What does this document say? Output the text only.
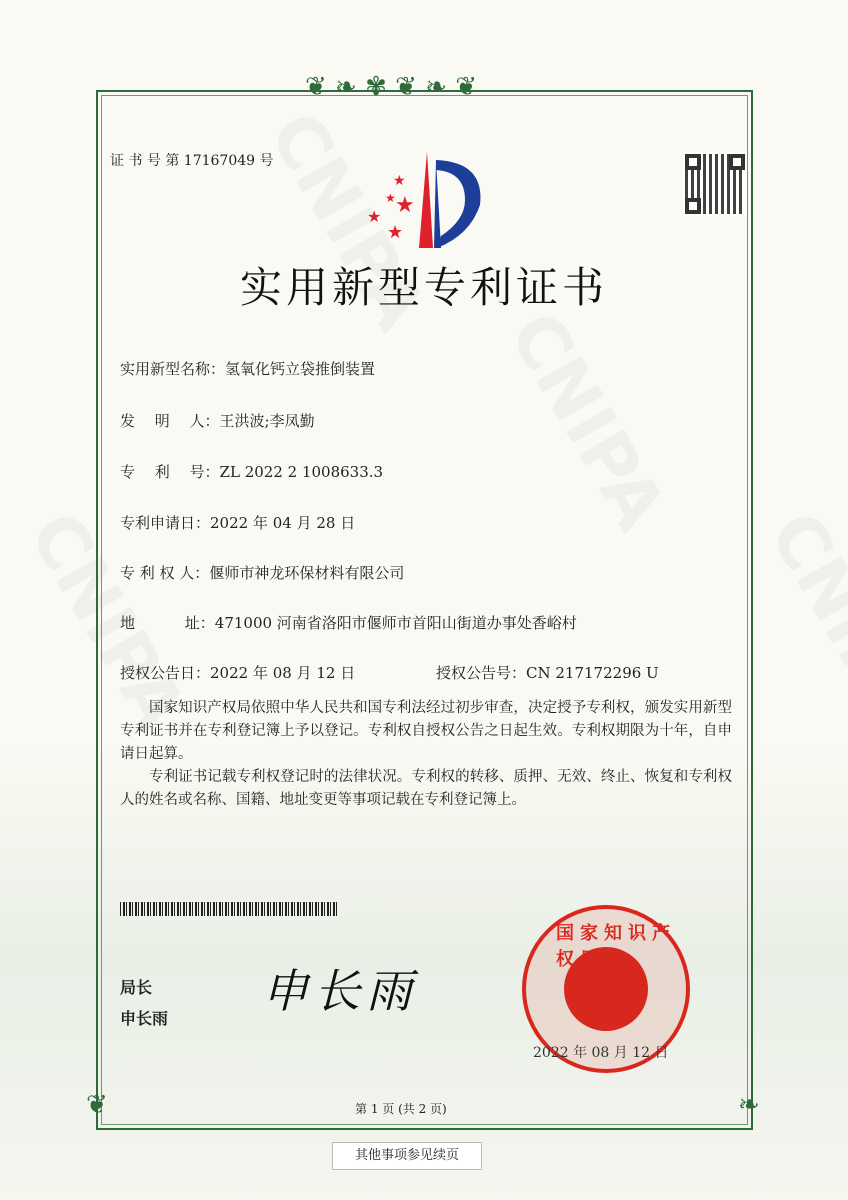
❦ ❧ ✾ ❦ ❧ ❦
❦	❧
证 书 号 第 17167049 号
★
★ ★
★
★
实用新型专利证书
实用新型名称：氢氧化钙立袋推倒装置
发　 明　 人：王洪波;李凤勤
专　 利　 号：ZL 2022 2 1008633.3
专利申请日：2022 年 04 月 28 日
专 利 权 人：偃师市神龙环保材料有限公司
地　　　 址：471000 河南省洛阳市偃师市首阳山街道办事处香峪村
授权公告日：2022 年 08 月 12 日	授权公告号：CN 217172296 U
国家知识产权局依照中华人民共和国专利法经过初步审查，决定授予专利权，颁发实用新型专利证书并在专利登记簿上予以登记。专利权自授权公告之日起生效。专利权期限为十年，自申请日起算。
专利证书记载专利权登记时的法律状况。专利权的转移、质押、无效、终止、恢复和专利权人的姓名或名称、国籍、地址变更等事项记载在专利登记簿上。
局长
申长雨
申长雨
国家知识产权局
2022 年 08 月 12 日
第 1 页 (共 2 页)
其他事项参见续页
